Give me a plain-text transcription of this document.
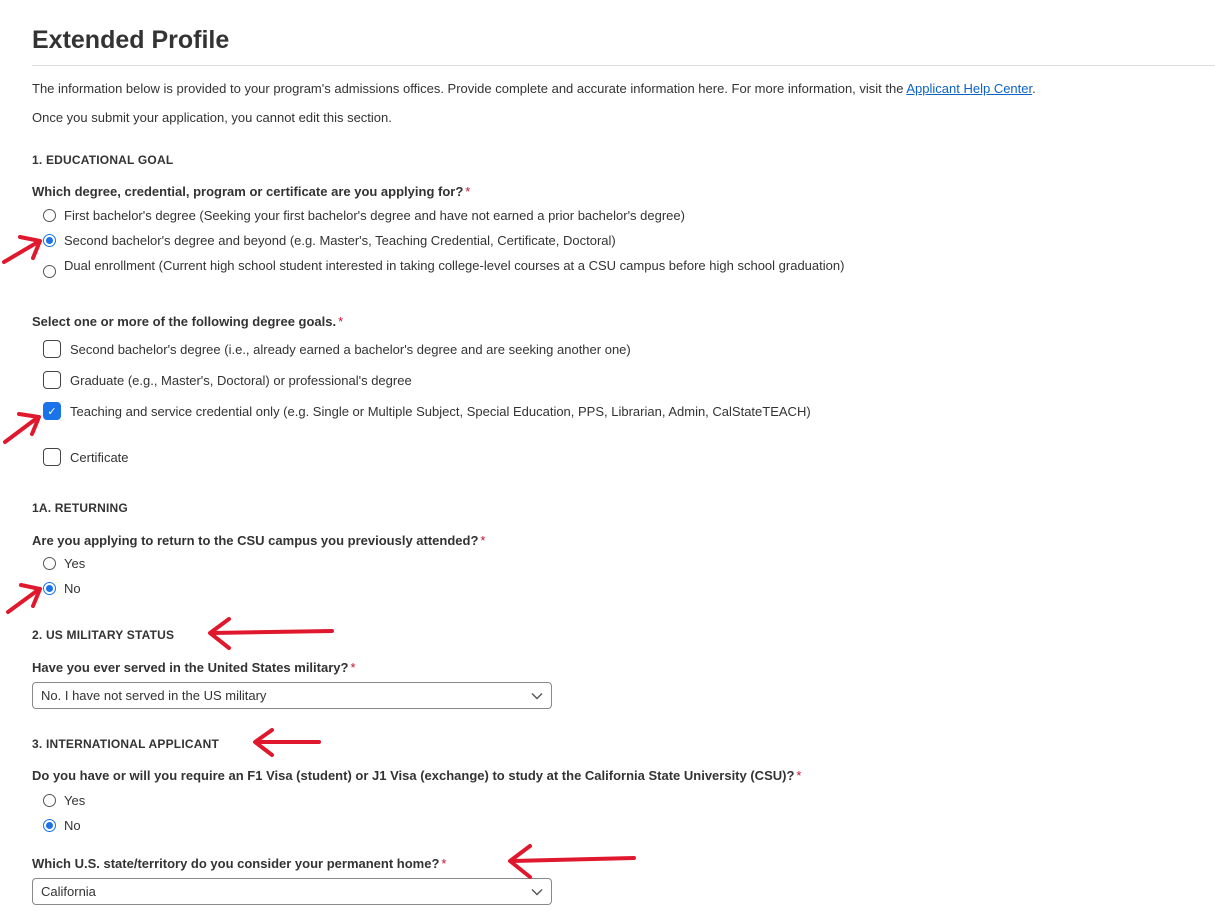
Extended Profile
The information below is provided to your program's admissions offices. Provide complete and accurate information here. For more information, visit the Applicant Help Center.
Once you submit your application, you cannot edit this section.
1. EDUCATIONAL GOAL
Which degree, credential, program or certificate are you applying for? *
First bachelor's degree (Seeking your first bachelor's degree and have not earned a prior bachelor's degree)
Second bachelor's degree and beyond (e.g. Master's, Teaching Credential, Certificate, Doctoral)
Dual enrollment (Current high school student interested in taking college-level courses at a CSU campus before high school graduation)
Select one or more of the following degree goals. *
Second bachelor's degree (i.e., already earned a bachelor's degree and are seeking another one)
Graduate (e.g., Master's, Doctoral) or professional's degree
✓	Teaching and service credential only (e.g. Single or Multiple Subject, Special Education, PPS, Librarian, Admin, CalStateTEACH)
Certificate
1A. RETURNING
Are you applying to return to the CSU campus you previously attended? *
Yes
No
2. US MILITARY STATUS
Have you ever served in the United States military? *
No. I have not served in the US military
3. INTERNATIONAL APPLICANT
Do you have or will you require an F1 Visa (student) or J1 Visa (exchange) to study at the California State University (CSU)? *
Yes
No
Which U.S. state/territory do you consider your permanent home? *
California
